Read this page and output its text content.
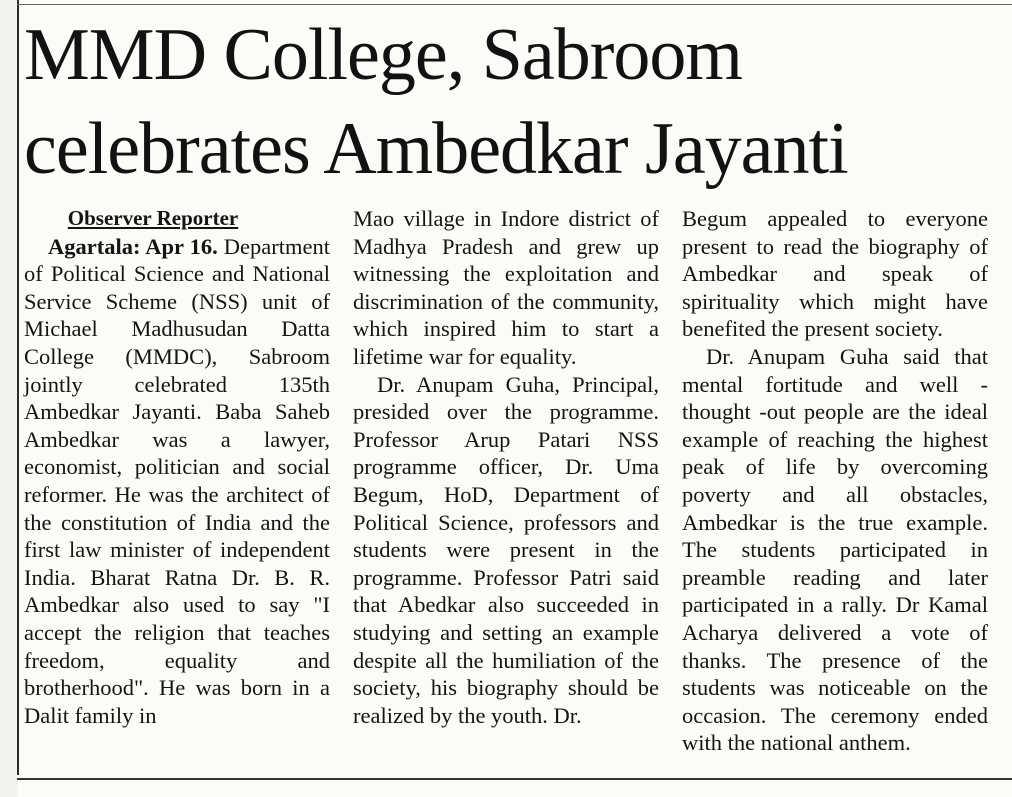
MMD College, Sabroom
celebrates Ambedkar Jayanti
Observer Reporter

Agartala: Apr 16. Department of Political Science and National Service Scheme (NSS) unit of Michael Madhusudan Datta College (MMDC), Sabroom jointly celebrated 135th Ambedkar Jayanti. Baba Saheb Ambedkar was a lawyer, economist, politician and social reformer. He was the architect of the constitution of India and the first law minister of independent India. Bharat Ratna Dr. B. R. Ambedkar also used to say "I accept the religion that teaches freedom, equality and brotherhood". He was born in a Dalit family in

Mao village in Indore district of Madhya Pradesh and grew up witnessing the exploitation and discrimination of the community, which inspired him to start a lifetime war for equality.

Dr. Anupam Guha, Principal, presided over the programme. Professor Arup Patari NSS programme officer, Dr. Uma Begum, HoD, Department of Political Science, professors and students were present in the programme. Professor Patri said that Abedkar also succeeded in studying and setting an example despite all the humiliation of the society, his biography should be realized by the youth. Dr.

Begum appealed to everyone present to read the biography of Ambedkar and speak of spirituality which might have benefited the present society.

Dr. Anupam Guha said that mental fortitude and well - thought -out people are the ideal example of reaching the highest peak of life by overcoming poverty and all obstacles, Ambedkar is the true example. The students participated in preamble reading and later participated in a rally. Dr Kamal Acharya delivered a vote of thanks. The presence of the students was noticeable on the occasion. The ceremony ended with the national anthem.
